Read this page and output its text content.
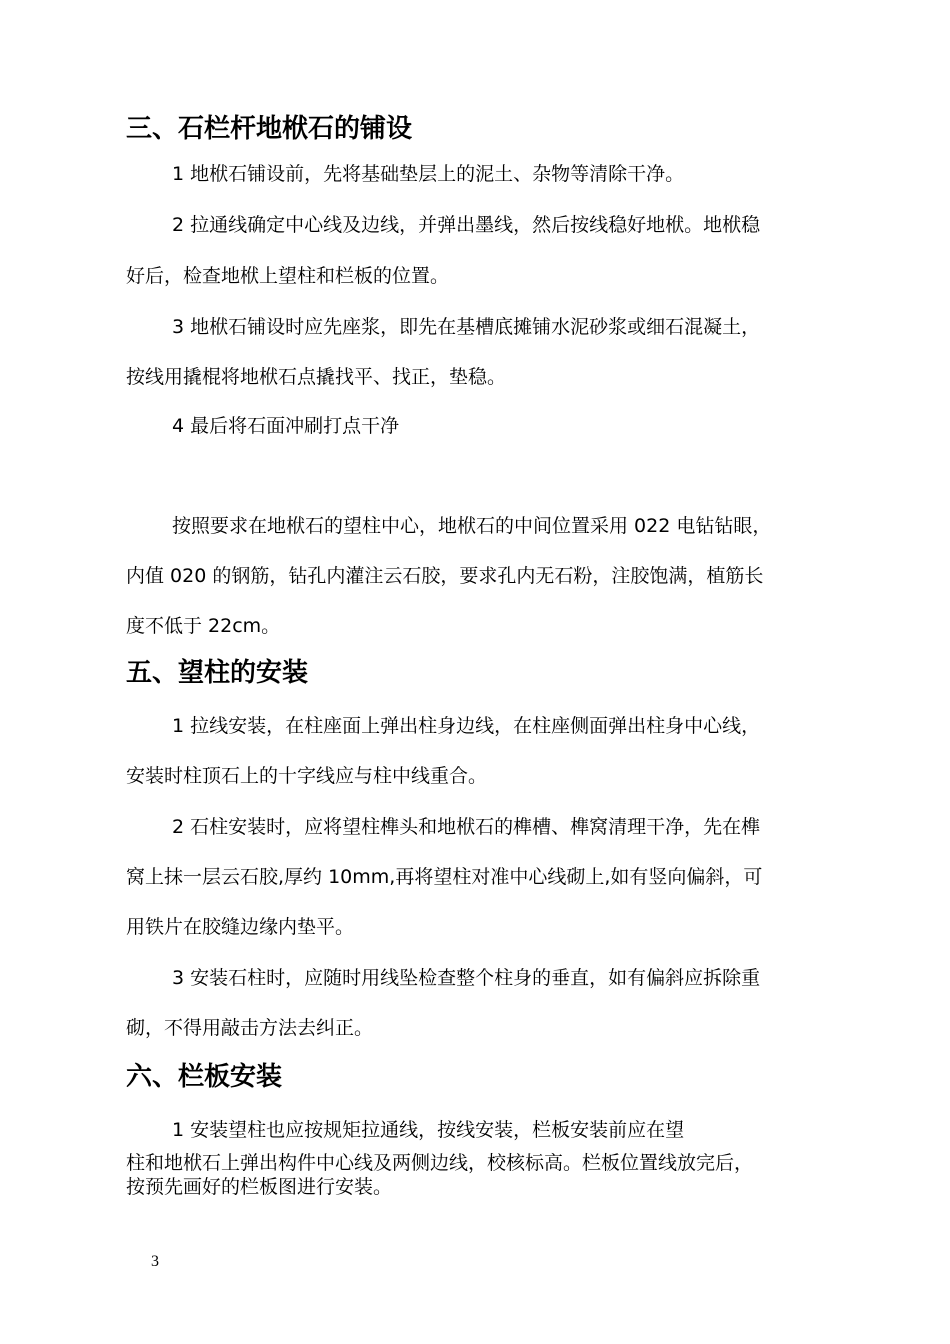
三、石栏杆地栿石的铺设
1 地栿石铺设前，先将基础垫层上的泥土、杂物等清除干净。
2 拉通线确定中心线及边线，并弹出墨线，然后按线稳好地栿。地栿稳
好后，检查地栿上望柱和栏板的位置。
3 地栿石铺设时应先座浆，即先在基槽底摊铺水泥砂浆或细石混凝土，
按线用撬棍将地栿石点撬找平、找正，垫稳。
4 最后将石面冲刷打点干净
按照要求在地栿石的望柱中心，地栿石的中间位置采用 022 电钻钻眼，
内值 020 的钢筋，钻孔内灌注云石胶，要求孔内无石粉，注胶饱满，植筋长
度不低于 22cm。
五、望柱的安装
1 拉线安装，在柱座面上弹出柱身边线，在柱座侧面弹出柱身中心线，
安装时柱顶石上的十字线应与柱中线重合。
2 石柱安装时，应将望柱榫头和地栿石的榫槽、榫窝清理干净，先在榫
窝上抹一层云石胶,厚约 10mm,再将望柱对准中心线砌上,如有竖向偏斜，可
用铁片在胶缝边缘内垫平。
3 安装石柱时，应随时用线坠检查整个柱身的垂直，如有偏斜应拆除重
砌，不得用敲击方法去纠正。
六、栏板安装
1 安装望柱也应按规矩拉通线，按线安装，栏板安装前应在望
柱和地栿石上弹出构件中心线及两侧边线，校核标高。栏板位置线放完后，
按预先画好的栏板图进行安装。
3
